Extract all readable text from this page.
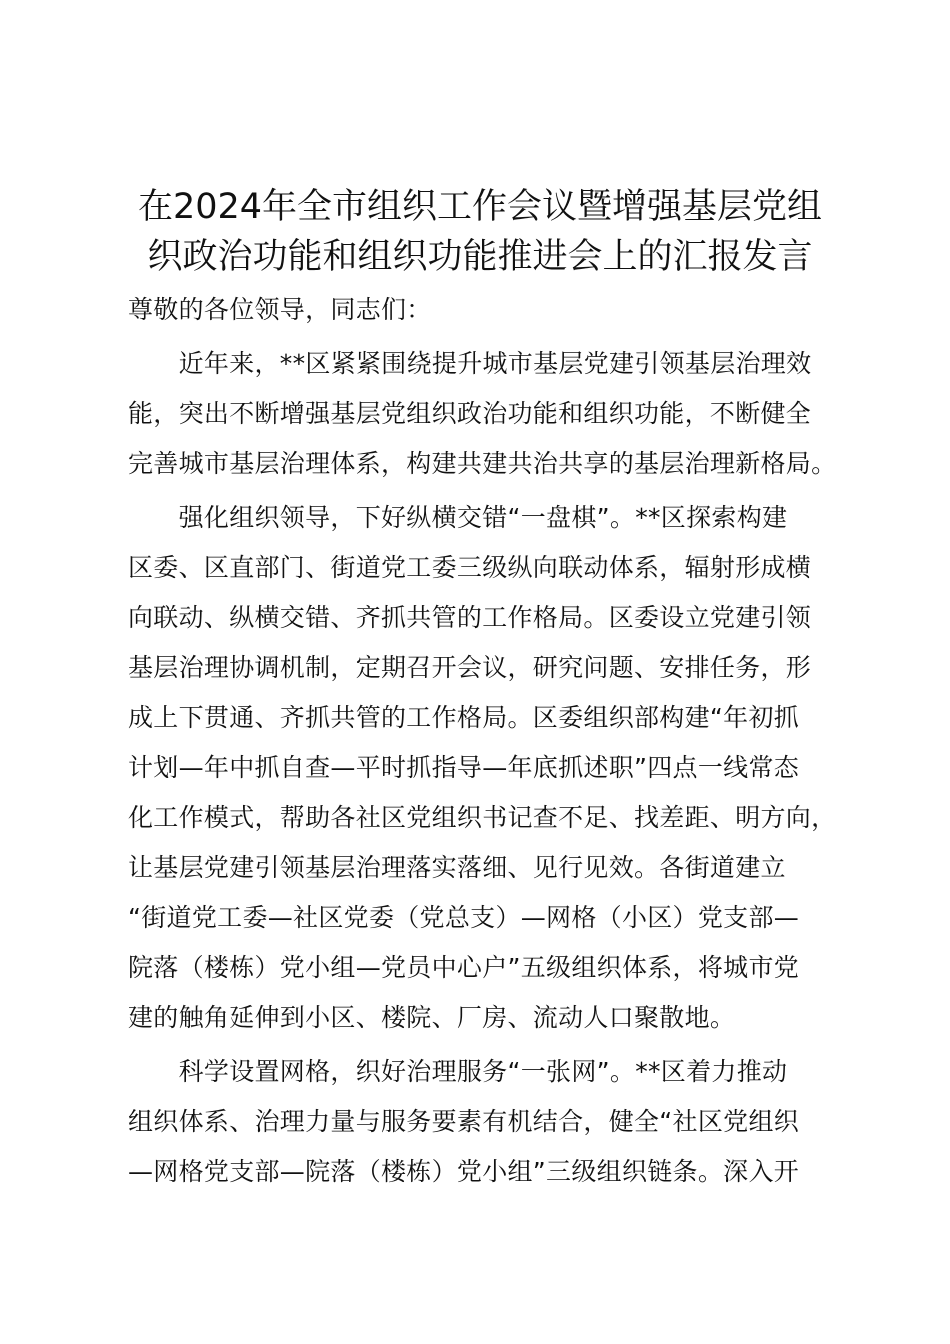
在2024年全市组织工作会议暨增强基层党组
织政治功能和组织功能推进会上的汇报发言

尊敬的各位领导，同志们：

　　近年来，**区紧紧围绕提升城市基层党建引领基层治理效
能，突出不断增强基层党组织政治功能和组织功能，不断健全
完善城市基层治理体系，构建共建共治共享的基层治理新格局。

　　强化组织领导，下好纵横交错“一盘棋”。**区探索构建
区委、区直部门、街道党工委三级纵向联动体系，辐射形成横
向联动、纵横交错、齐抓共管的工作格局。区委设立党建引领
基层治理协调机制，定期召开会议，研究问题、安排任务，形
成上下贯通、齐抓共管的工作格局。区委组织部构建“年初抓
计划—年中抓自查—平时抓指导—年底抓述职”四点一线常态
化工作模式，帮助各社区党组织书记查不足、找差距、明方向，
让基层党建引领基层治理落实落细、见行见效。各街道建立
“街道党工委—社区党委（党总支）—网格（小区）党支部—
院落（楼栋）党小组—党员中心户”五级组织体系，将城市党
建的触角延伸到小区、楼院、厂房、流动人口聚散地。

　　科学设置网格，织好治理服务“一张网”。**区着力推动
组织体系、治理力量与服务要素有机结合，健全“社区党组织
—网格党支部—院落（楼栋）党小组”三级组织链条。深入开
